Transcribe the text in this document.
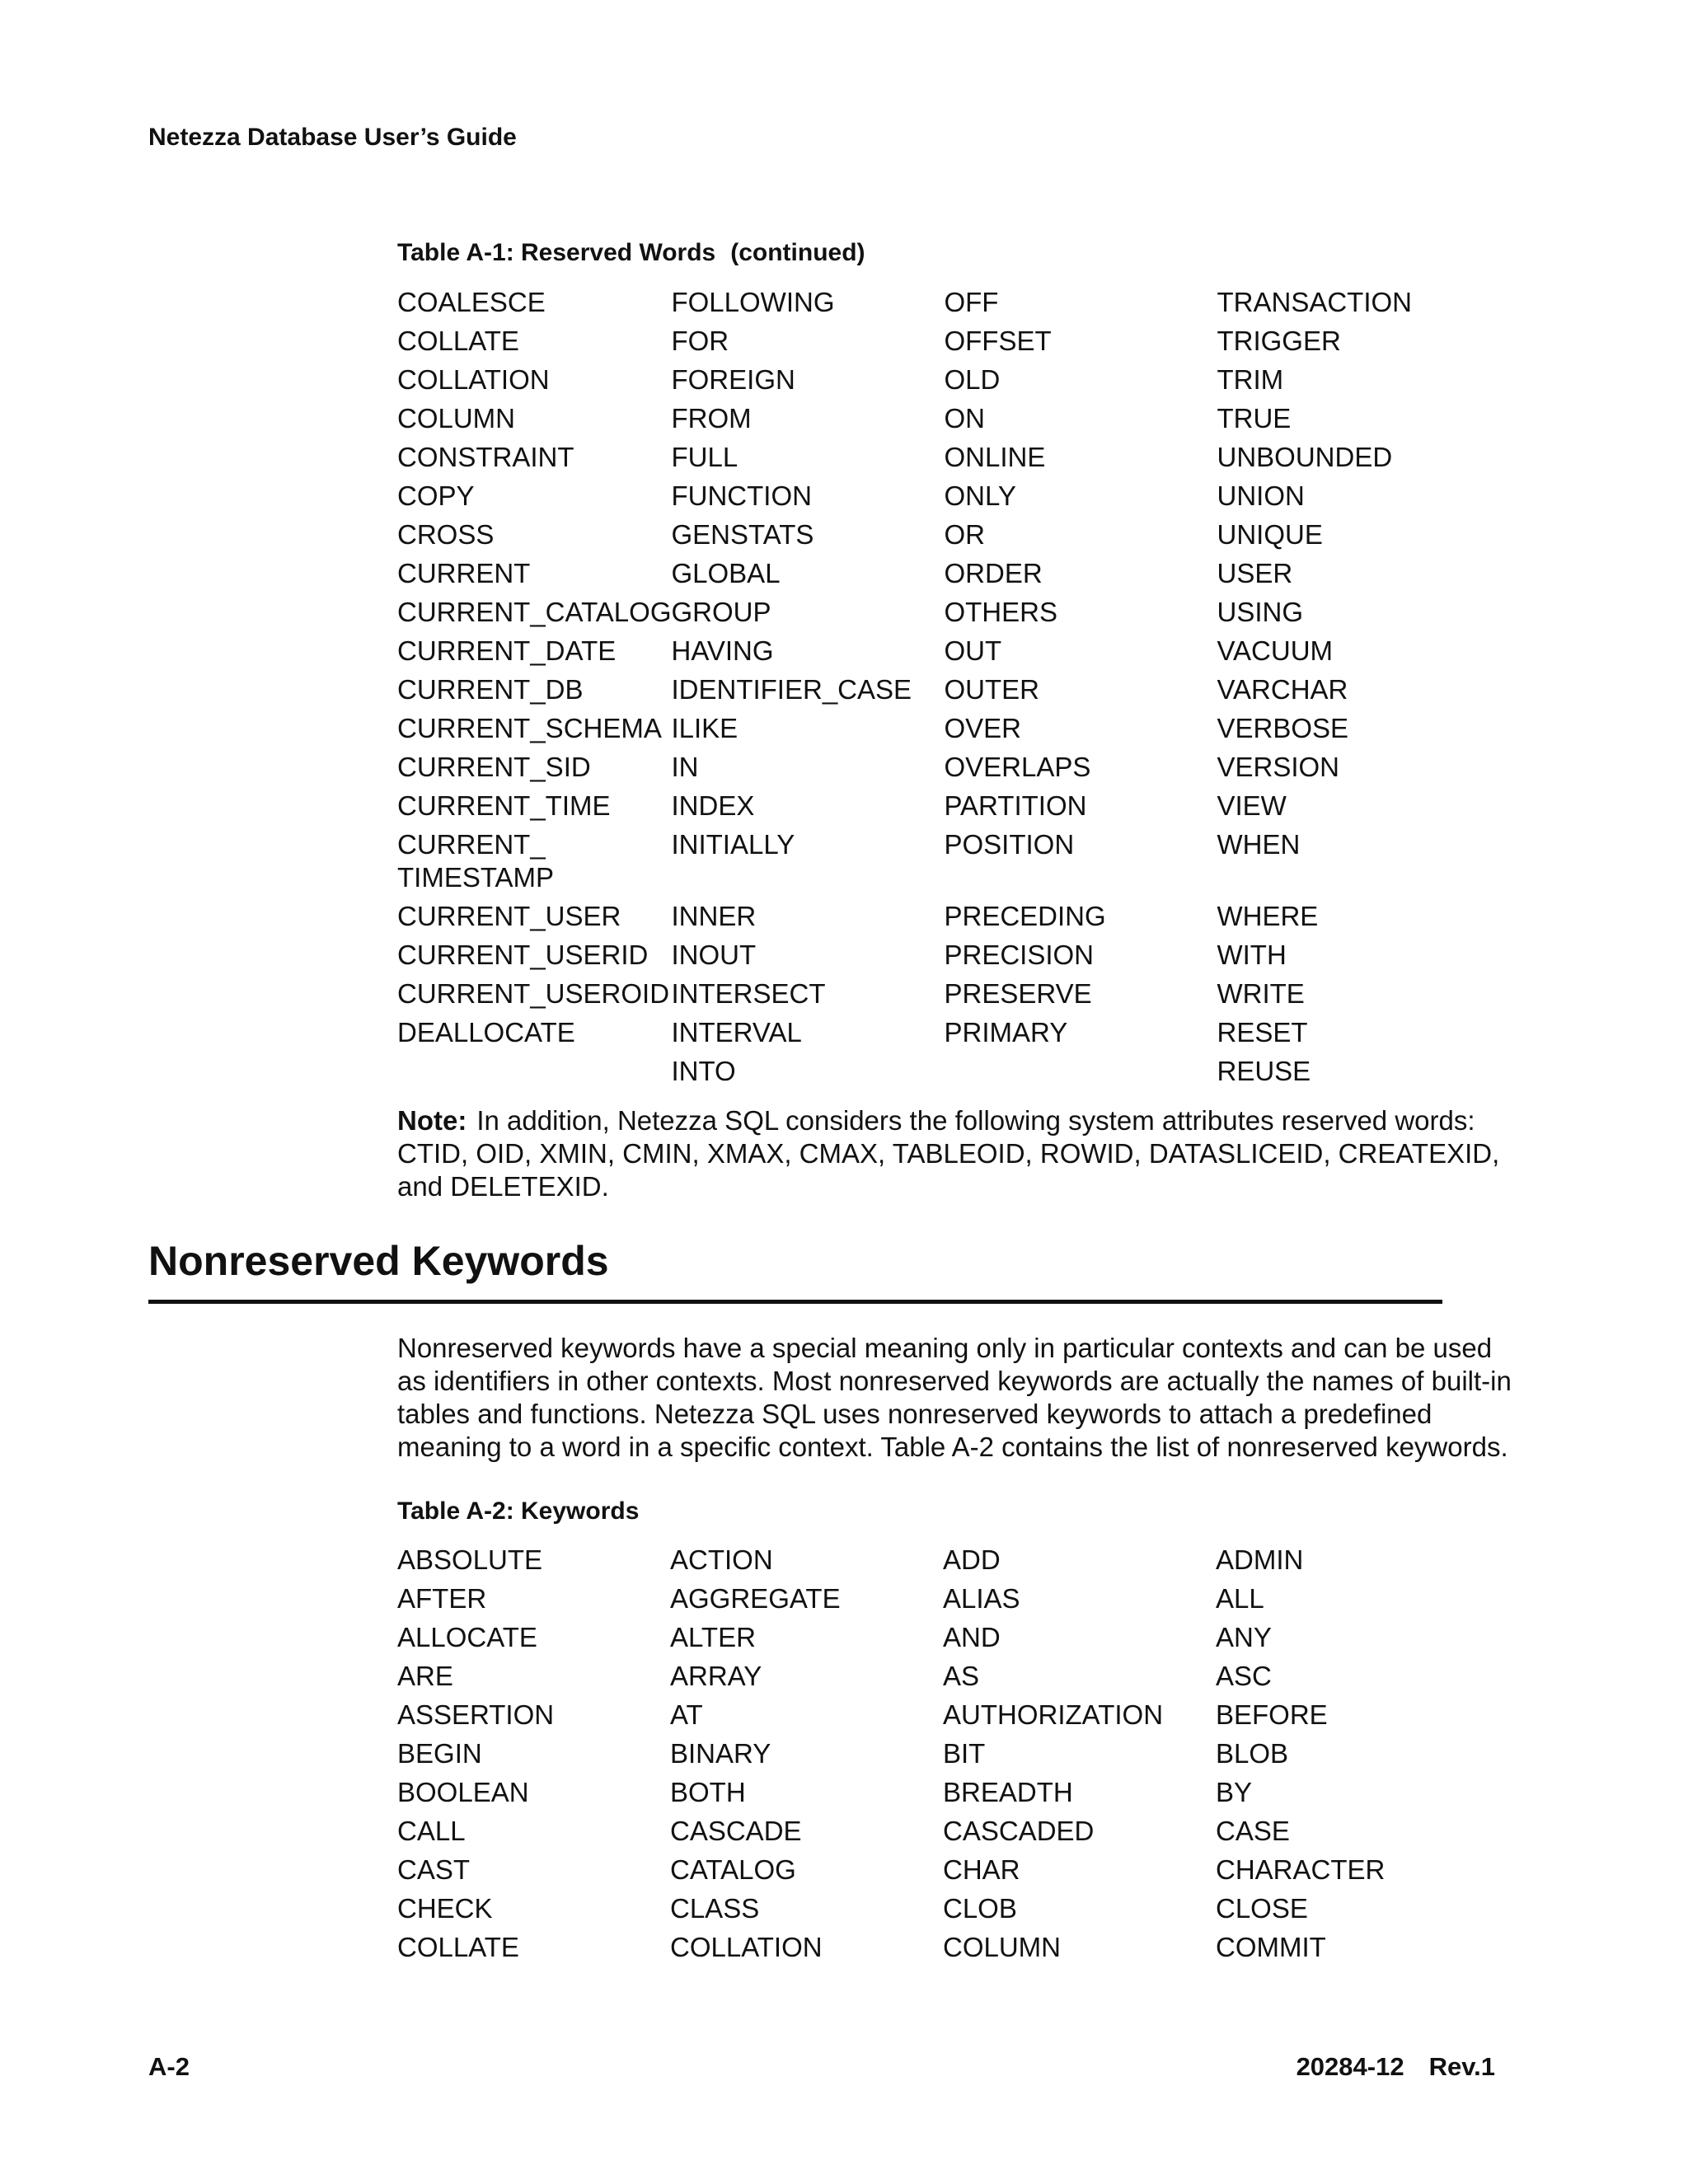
Netezza Database User’s Guide
Table A-1: Reserved Words (continued)
COALESCE	FOLLOWING	OFF	TRANSACTION
COLLATE	FOR	OFFSET	TRIGGER
COLLATION	FOREIGN	OLD	TRIM
COLUMN	FROM	ON	TRUE
CONSTRAINT	FULL	ONLINE	UNBOUNDED
COPY	FUNCTION	ONLY	UNION
CROSS	GENSTATS	OR	UNIQUE
CURRENT	GLOBAL	ORDER	USER
CURRENT_CATALOG	GROUP	OTHERS	USING
CURRENT_DATE	HAVING	OUT	VACUUM
CURRENT_DB	IDENTIFIER_CASE	OUTER	VARCHAR
CURRENT_SCHEMA	ILIKE	OVER	VERBOSE
CURRENT_SID	IN	OVERLAPS	VERSION
CURRENT_TIME	INDEX	PARTITION	VIEW
CURRENT_ TIMESTAMP	INITIALLY	POSITION	WHEN
CURRENT_USER	INNER	PRECEDING	WHERE
CURRENT_USERID	INOUT	PRECISION	WITH
CURRENT_USEROID	INTERSECT	PRESERVE	WRITE
DEALLOCATE	INTERVAL	PRIMARY	RESET
	INTO		REUSE
Note: In addition, Netezza SQL considers the following system attributes reserved words: CTID, OID, XMIN, CMIN, XMAX, CMAX, TABLEOID, ROWID, DATASLICEID, CREATEXID, and DELETEXID.
Nonreserved Keywords

Nonreserved keywords have a special meaning only in particular contexts and can be used as identifiers in other contexts. Most nonreserved keywords are actually the names of built-in tables and functions. Netezza SQL uses nonreserved keywords to attach a predefined meaning to a word in a specific context. Table A-2 contains the list of nonreserved keywords.

Table A-2: Keywords
ABSOLUTE	ACTION	ADD	ADMIN
AFTER	AGGREGATE	ALIAS	ALL
ALLOCATE	ALTER	AND	ANY
ARE	ARRAY	AS	ASC
ASSERTION	AT	AUTHORIZATION	BEFORE
BEGIN	BINARY	BIT	BLOB
BOOLEAN	BOTH	BREADTH	BY
CALL	CASCADE	CASCADED	CASE
CAST	CATALOG	CHAR	CHARACTER
CHECK	CLASS	CLOB	CLOSE
COLLATE	COLLATION	COLUMN	COMMIT
A-2	20284-12 Rev.1
